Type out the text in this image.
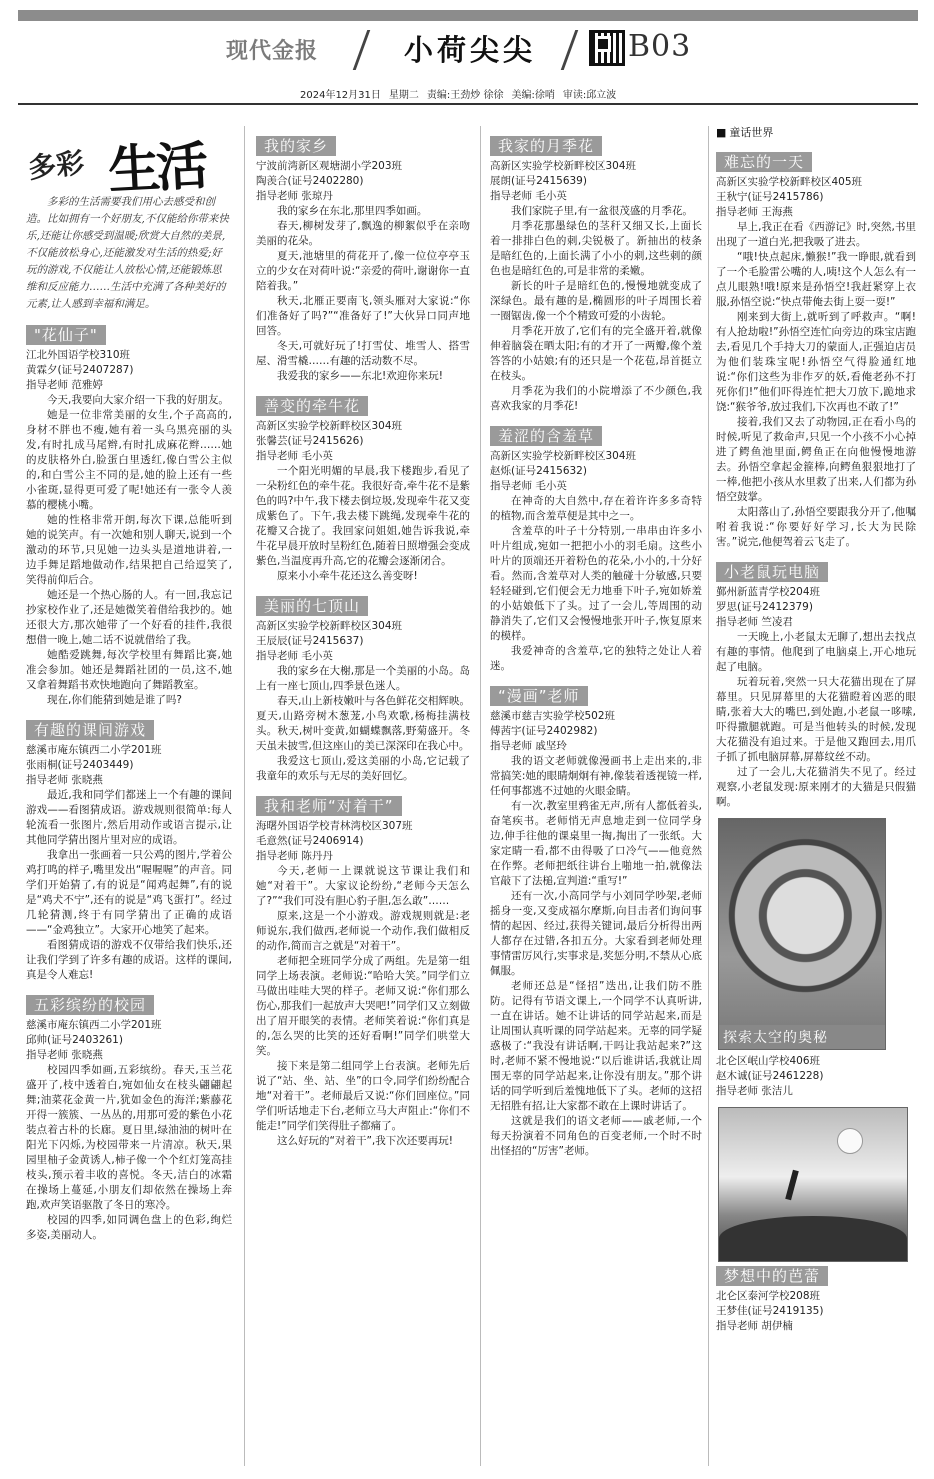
现代金报	小荷尖尖	B03
2024年12月31日 星期二 责编:王劲炒 徐徐 美编:徐哨 审读:邱立波
多彩 生活

多彩的生活需要我们用心去感受和创造。比如拥有一个好朋友,不仅能给你带来快乐,还能让你感受到温暖;欣赏大自然的美景,不仅能放松身心,还能激发对生活的热爱;好玩的游戏,不仅能让人放松心情,还能锻炼思维和反应能力……生活中充满了各种美好的元素,让人感到幸福和满足。

"花仙子"
江北外国语学校310班
黄霖夕(证号2407287)
指导老师 范雅婷

今天,我要向大家介绍一下我的好朋友。

她是一位非常美丽的女生,个子高高的,身材不胖也不瘦,她有着一头乌黑亮丽的头发,有时扎成马尾辫,有时扎成麻花辫……她的皮肤格外白,脸蛋白里透红,像白雪公主似的,和白雪公主不同的是,她的脸上还有一些小雀斑,显得更可爱了呢!她还有一张令人羡慕的樱桃小嘴。

她的性格非常开朗,每次下课,总能听到她的说笑声。有一次她和别人聊天,说到一个激动的环节,只见她一边头头是道地讲着,一边手舞足蹈地做动作,结果把自己给逗笑了,笑得前仰后合。

她还是一个热心肠的人。有一回,我忘记抄家校作业了,还是她微笑着借给我抄的。她还很大方,那次她带了一个好看的挂件,我很想借一晚上,她二话不说就借给了我。

她酷爱跳舞,每次学校里有舞蹈比赛,她准会参加。她还是舞蹈社团的一员,这不,她又拿着舞蹈书欢快地跑向了舞蹈教室。

现在,你们能猜到她是谁了吗?

有趣的课间游戏
慈溪市庵东镇西二小学201班
张雨桐(证号2403449)
指导老师 张晓燕

最近,我和同学们都迷上一个有趣的课间游戏——看图猜成语。游戏规则很简单:每人轮流看一张图片,然后用动作或语言提示,让其他同学猜出图片里对应的成语。

我拿出一张画着一只公鸡的图片,学着公鸡打鸣的样子,嘴里发出“喔喔喔”的声音。同学们开始猜了,有的说是“闻鸡起舞”,有的说是“鸡犬不宁”,还有的说是“鸡飞蛋打”。经过几轮猜测,终于有同学猜出了正确的成语——“金鸡独立”。大家开心地笑了起来。

看图猜成语的游戏不仅带给我们快乐,还让我们学到了许多有趣的成语。这样的课间,真是令人难忘!

五彩缤纷的校园
慈溪市庵东镇西二小学201班
邱帅(证号2403261)
指导老师 张晓燕

校园四季如画,五彩缤纷。春天,玉兰花盛开了,枝中透着白,宛如仙女在枝头翩翩起舞;油菜花金黄一片,犹如金色的海洋;紫藤花开得一簇簇、一丛丛的,用那可爱的紫色小花装点着古朴的长廊。夏日里,绿油油的树叶在阳光下闪烁,为校园带来一片清凉。秋天,果园里柚子金黄诱人,柿子像一个个红灯笼高挂枝头,预示着丰收的喜悦。冬天,洁白的冰霜在操场上蔓延,小朋友们却依然在操场上奔跑,欢声笑语驱散了冬日的寒冷。

校园的四季,如同调色盘上的色彩,绚烂多姿,美丽动人。

我的家乡
宁波前湾新区观塘湖小学203班
陶羡合(证号2402280)
指导老师 张琼丹

我的家乡在东北,那里四季如画。

春天,柳树发芽了,飘逸的柳絮似乎在亲吻美丽的花朵。

夏天,池塘里的荷花开了,像一位位亭亭玉立的少女在对荷叶说:“亲爱的荷叶,谢谢你一直陪着我。”

秋天,北雁正要南飞,领头雁对大家说:“你们准备好了吗?”“准备好了!”大伙异口同声地回答。

冬天,可就好玩了!打雪仗、堆雪人、搭雪屋、滑雪橇……有趣的活动数不尽。

我爱我的家乡——东北!欢迎你来玩!

善变的牵牛花
高新区实验学校新畔校区304班
张馨芸(证号2415626)
指导老师 毛小英

一个阳光明媚的早晨,我下楼跑步,看见了一朵粉红色的牵牛花。我很好奇,牵牛花不是紫色的吗?中午,我下楼去倒垃圾,发现牵牛花又变成紫色了。下午,我去楼下跳绳,发现牵牛花的花瓣又合拢了。我回家问姐姐,她告诉我说,牵牛花早晨开放时呈粉红色,随着日照增强会变成紫色,当温度再升高,它的花瓣会逐渐闭合。

原来小小牵牛花还这么善变呀!

美丽的七顶山
高新区实验学校新畔校区304班
王辰辰(证号2415637)
指导老师 毛小英

我的家乡在大榭,那是一个美丽的小岛。岛上有一座七顶山,四季景色迷人。

春天,山上新枝嫩叶与各色鲜花交相辉映。夏天,山路旁树木葱茏,小鸟欢歌,杨梅挂满枝头。秋天,树叶变黄,如蝴蝶飘落,野菊盛开。冬天虽未披雪,但这座山的美已深深印在我心中。

我爱这七顶山,爱这美丽的小岛,它记载了我童年的欢乐与无尽的美好回忆。

我和老师“对着干”
海曙外国语学校青林湾校区307班
毛意然(证号2406914)
指导老师 陈丹丹

今天,老师一上课就说这节课让我们和她“对着干”。大家议论纷纷,“老师今天怎么了?”“我们可没有胆心豹子胆,怎么敢”……

原来,这是一个小游戏。游戏规则就是:老师说东,我们做西,老师说一个动作,我们做相反的动作,简而言之就是“对着干”。

老师把全班同学分成了两组。先是第一组同学上场表演。老师说:“哈哈大笑。”同学们立马做出哇哇大哭的样子。老师又说:“你们那么伤心,那我们一起放声大哭吧!”同学们又立刻做出了眉开眼笑的表情。老师笑着说:“你们真是的,怎么哭的比笑的还好看啊!”同学们哄堂大笑。

接下来是第二组同学上台表演。老师先后说了“站、坐、站、坐”的口令,同学们纷纷配合地“对着干”。老师最后又说:“你们回座位。”同学们听话地走下台,老师立马大声阻止:“你们不能走!”同学们笑得肚子都痛了。

这么好玩的“对着干”,我下次还要再玩!

我家的月季花
高新区实验学校新畔校区304班
展朗(证号2415639)
指导老师 毛小英

我们家院子里,有一盆很茂盛的月季花。

月季花那墨绿色的茎秆又细又长,上面长着一排排白色的刺,尖锐极了。新抽出的枝条是暗红色的,上面长满了小小的刺,这些刺的颜色也是暗红色的,可是非常的柔嫩。

新长的叶子是暗红色的,慢慢地就变成了深绿色。最有趣的是,椭圆形的叶子周围长着一圈锯齿,像一个个精致可爱的小齿轮。

月季花开放了,它们有的完全盛开着,就像伸着脑袋在晒太阳;有的才开了一两瓣,像个羞答答的小姑娘;有的还只是一个花苞,昂首挺立在枝头。

月季花为我们的小院增添了不少颜色,我喜欢我家的月季花!

羞涩的含羞草
高新区实验学校新畔校区304班
赵烁(证号2415632)
指导老师 毛小英

在神奇的大自然中,存在着许许多多奇特的植物,而含羞草便是其中之一。

含羞草的叶子十分特别,一串串由许多小叶片组成,宛如一把把小小的羽毛扇。这些小叶片的顶端还开着粉色的花朵,小小的,十分好看。然而,含羞草对人类的触碰十分敏感,只要轻轻碰到,它们便会无力地垂下叶子,宛如娇羞的小姑娘低下了头。过了一会儿,等周围的动静消失了,它们又会慢慢地张开叶子,恢复原来的模样。

我爱神奇的含羞草,它的独特之处让人着迷。

“漫画”老师
慈溪市慈吉实验学校502班
傅茜宇(证号2402982)
指导老师 戚坚玲

我的语文老师就像漫画书上走出来的,非常搞笑:她的眼睛炯炯有神,像装着透视镜一样,任何事都逃不过她的火眼金睛。

有一次,教室里鸦雀无声,所有人都低着头,奋笔疾书。老师悄无声息地走到一位同学身边,伸手往他的课桌里一掏,掏出了一张纸。大家定睛一看,都不由得吸了口冷气——他竟然在作弊。老师把纸往讲台上啪地一拍,就像法官敲下了法槌,宣判道:“重写!”

还有一次,小高同学与小刘同学吵架,老师摇身一变,又变成福尔摩斯,向目击者们询问事情的起因、经过,获得关键词,最后分析得出两人都存在过错,各扣五分。大家看到老师处理事情雷厉风行,实事求是,奖惩分明,不禁从心底佩服。

老师还总是“怪招”迭出,让我们防不胜防。记得有节语文课上,一个同学不认真听讲,一直在讲话。她不让讲话的同学站起来,而是让周围认真听课的同学站起来。无辜的同学疑惑极了:“我没有讲话啊,干吗让我站起来?”这时,老师不紧不慢地说:“以后谁讲话,我就让周围无辜的同学站起来,让你没有朋友。”那个讲话的同学听到后羞愧地低下了头。老师的这招无招胜有招,让大家都不敢在上课时讲话了。

这就是我们的语文老师——戚老师,一个每天扮演着不同角色的百变老师,一个时不时出怪招的“厉害”老师。

■ 童话世界
难忘的一天
高新区实验学校新畔校区405班
王秋宁(证号2415786)
指导老师 王海燕

早上,我正在看《西游记》时,突然,书里出现了一道白光,把我吸了进去。

“哦!快点起床,懒猴!”我一睁眼,就看到了一个毛脸雷公嘴的人,咦!这个人怎么有一点儿眼熟!哦!原来是孙悟空!我赶紧穿上衣服,孙悟空说:“快点带俺去街上耍一耍!”

刚来到大街上,就听到了呼救声。“啊!有人抢劫啦!”孙悟空连忙向旁边的珠宝店跑去,看见几个手持大刀的蒙面人,正强迫店员为他们装珠宝呢!孙悟空气得脸通红地说:“你们这些为非作歹的妖,看俺老孙不打死你们!”他们吓得连忙把大刀放下,跪地求饶:“猴爷爷,放过我们,下次再也不敢了!”

接着,我们又去了动物园,正在看小鸟的时候,听见了救命声,只见一个小孩不小心掉进了鳄鱼池里面,鳄鱼正在向他慢慢地游去。孙悟空拿起金箍棒,向鳄鱼狠狠地打了一棒,他把小孩从水里救了出来,人们都为孙悟空鼓掌。

太阳落山了,孙悟空要跟我分开了,他嘱咐着我说:“你要好好学习,长大为民除害。”说完,他便驾着云飞走了。

小老鼠玩电脑
鄞州新蓝青学校204班
罗思(证号2412379)
指导老师 竺凌君

一天晚上,小老鼠太无聊了,想出去找点有趣的事情。他爬到了电脑桌上,开心地玩起了电脑。

玩着玩着,突然一只大花猫出现在了屏幕里。只见屏幕里的大花猫瞪着凶恶的眼睛,张着大大的嘴巴,到处跑,小老鼠一哆嗦,吓得撒腿就跑。可是当他转头的时候,发现大花猫没有追过来。于是他又跑回去,用爪子抓了抓电脑屏幕,屏幕纹丝不动。

过了一会儿,大花猫消失不见了。经过观察,小老鼠发现:原来刚才的大猫是只假猫啊。

探索太空的奥秘
北仑区岷山学校406班
赵木诚(证号2461228)
指导老师 张洁儿
梦想中的芭蕾
北仑区泰河学校208班
王梦佳(证号2419135)
指导老师 胡伊楠
